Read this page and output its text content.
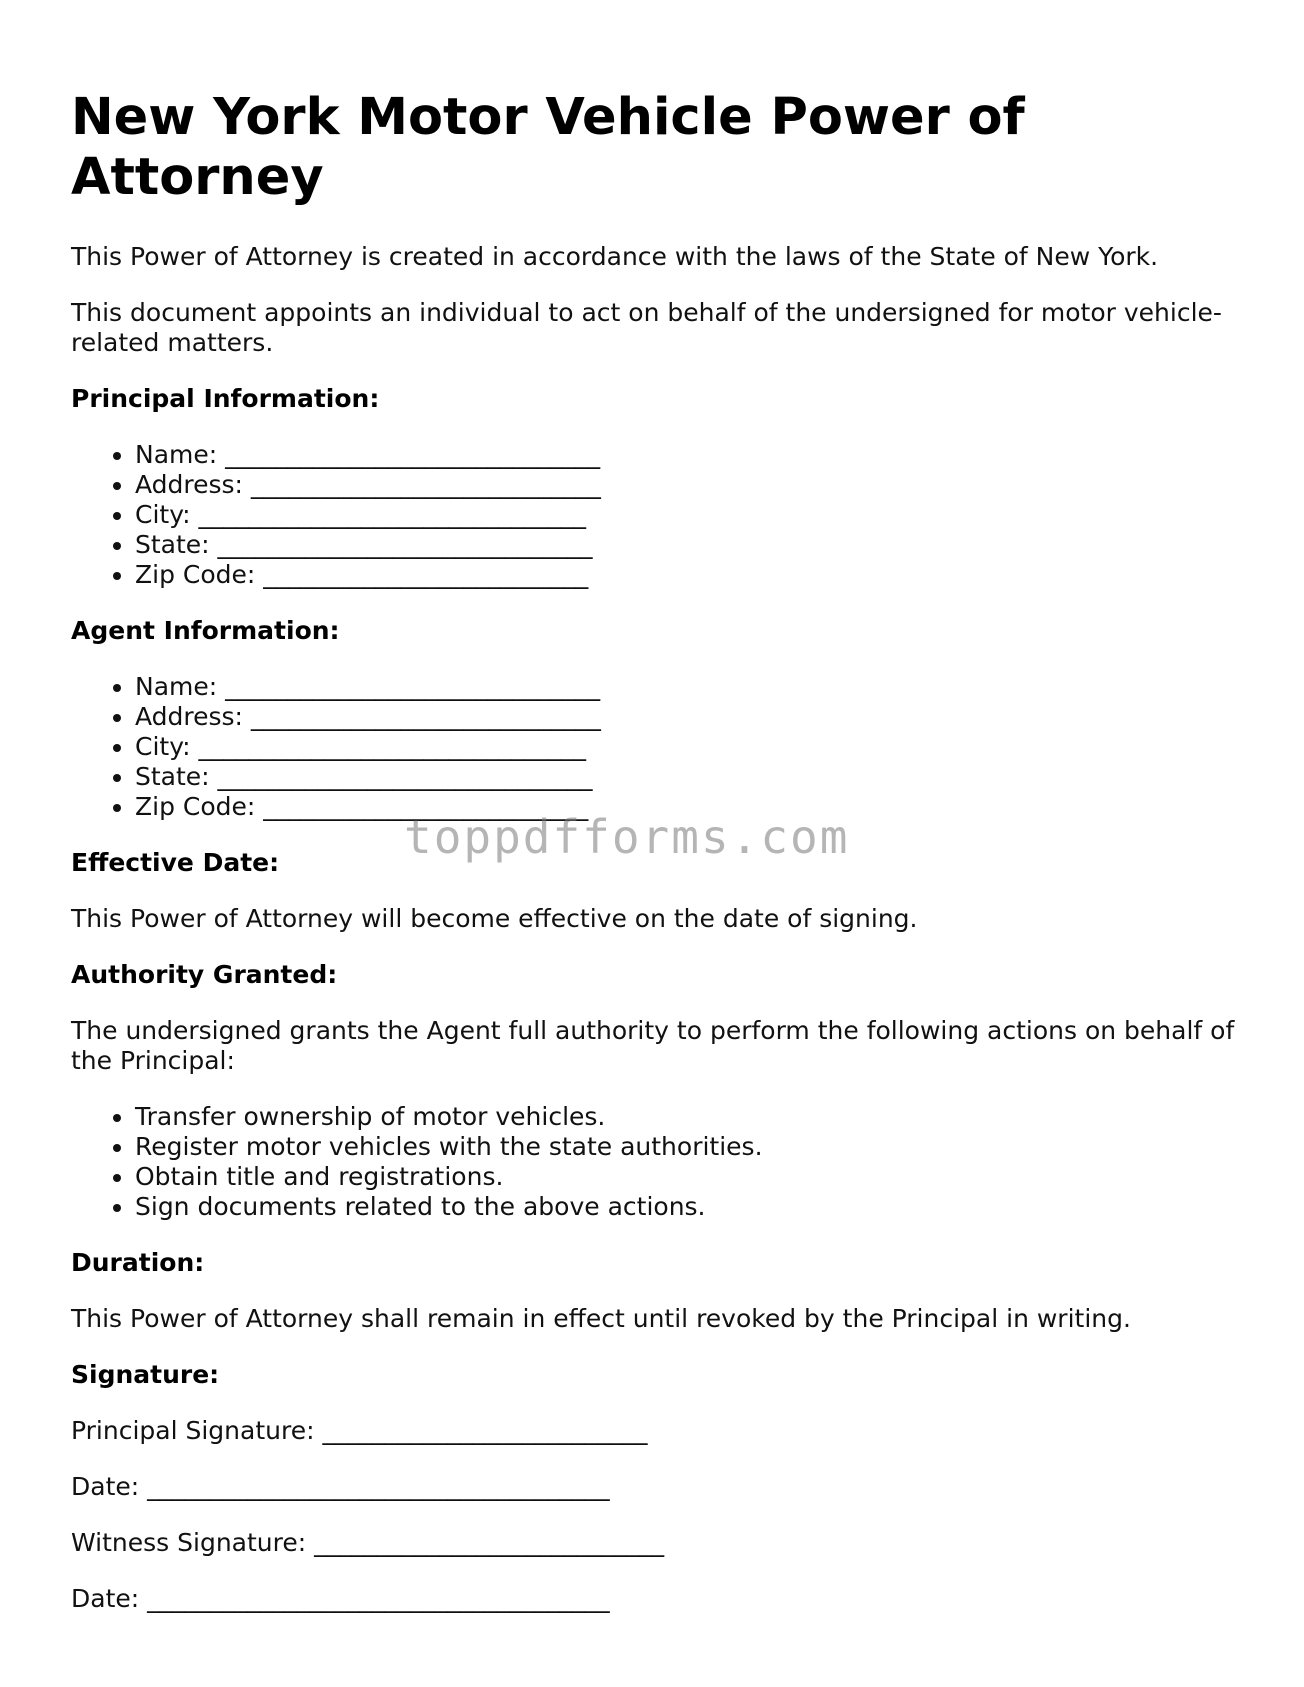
New York Motor Vehicle Power of Attorney

This Power of Attorney is created in accordance with the laws of the State of New York.

This document appoints an individual to act on behalf of the undersigned for motor vehicle-related matters.

Principal Information:
• Name: ______________________________
• Address: ____________________________
• City: _______________________________
• State: ______________________________
• Zip Code: __________________________
Agent Information:
• Name: ______________________________
• Address: ____________________________
• City: _______________________________
• State: ______________________________
• Zip Code: __________________________
Effective Date:

This Power of Attorney will become effective on the date of signing.

Authority Granted:

The undersigned grants the Agent full authority to perform the following actions on behalf of the Principal:

• Transfer ownership of motor vehicles.
• Register motor vehicles with the state authorities.
• Obtain title and registrations.
• Sign documents related to the above actions.
Duration:

This Power of Attorney shall remain in effect until revoked by the Principal in writing.

Signature:
Principal Signature: __________________________
Date: _____________________________________
Witness Signature: ____________________________
Date: _____________________________________
toppdfforms.com
